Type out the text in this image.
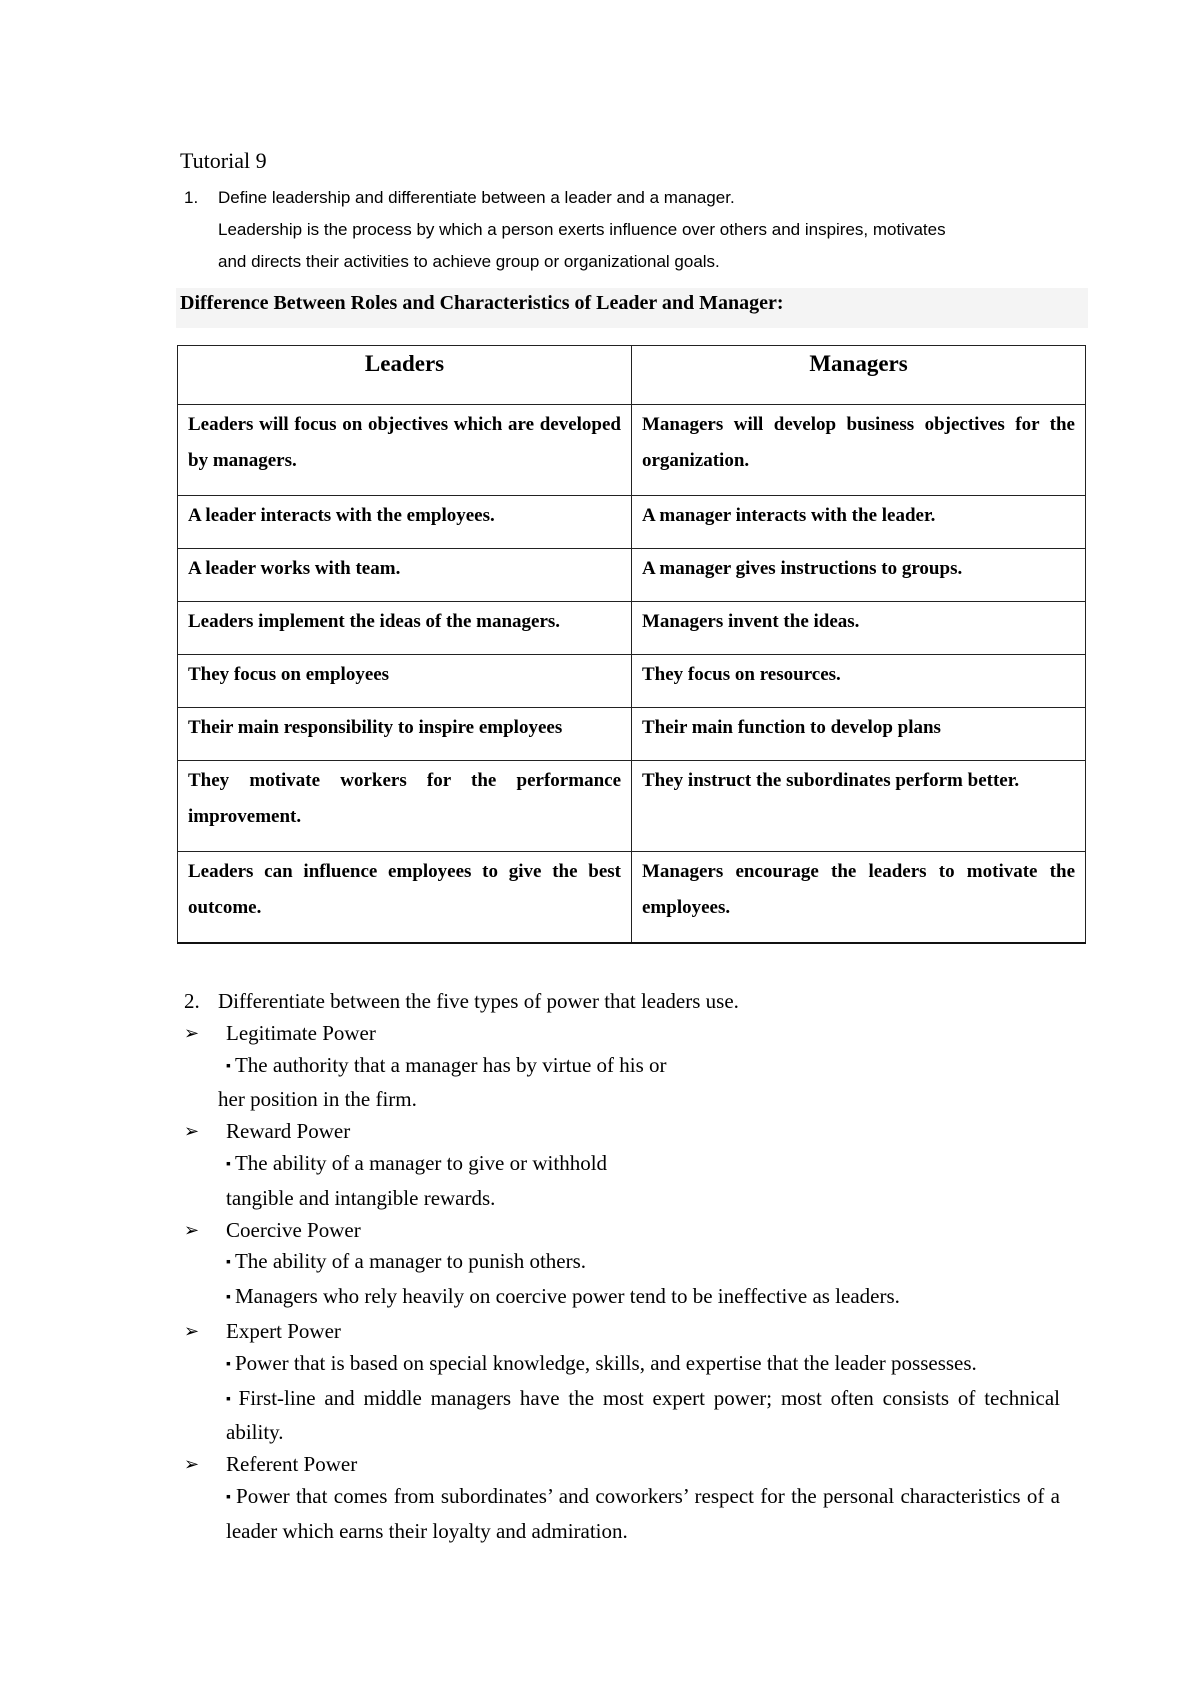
Tutorial 9
1. Define leadership and differentiate between a leader and a manager.
Leadership is the process by which a person exerts influence over others and inspires, motivates
and directs their activities to achieve group or organizational goals.
Difference Between Roles and Characteristics of Leader and Manager:
Leaders	Managers
Leaders will focus on objectives which are developed by managers.	Managers will develop business objectives for the organization.
A leader interacts with the employees.	A manager interacts with the leader.
A leader works with team.	A manager gives instructions to groups.
Leaders implement the ideas of the managers.	Managers invent the ideas.
They focus on employees	They focus on resources.
Their main responsibility to inspire employees	Their main function to develop plans
They motivate workers for the performance improvement.	They instruct the subordinates perform better.
Leaders can influence employees to give the best outcome.	Managers encourage the leaders to motivate the employees.
2. Differentiate between the five types of power that leaders use.
➢ Legitimate Power
▪ The authority that a manager has by virtue of his or
her position in the firm.
➢ Reward Power
▪ The ability of a manager to give or withhold
tangible and intangible rewards.
➢ Coercive Power
▪ The ability of a manager to punish others.
▪ Managers who rely heavily on coercive power tend to be ineffective as leaders.
➢ Expert Power
▪ Power that is based on special knowledge, skills, and expertise that the leader possesses.
▪ First-line and middle managers have the most expert power; most often consists of technical ability.
➢ Referent Power
▪ Power that comes from subordinates’ and coworkers’ respect for the personal characteristics of a leader which earns their loyalty and admiration.
